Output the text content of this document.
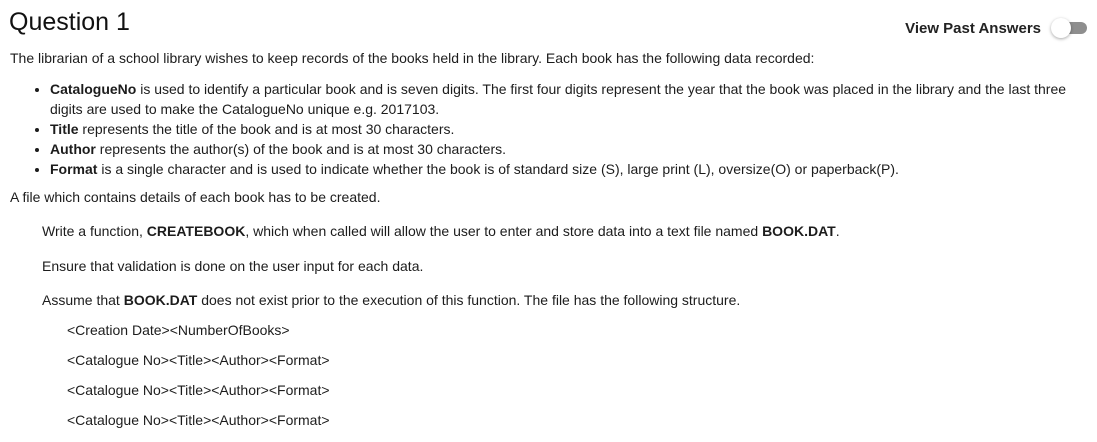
Question 1	View Past Answers

The librarian of a school library wishes to keep records of the books held in the library. Each book has the following data recorded:

• CatalogueNo is used to identify a particular book and is seven digits. The first four digits represent the year that the book was placed in the library and the last three digits are used to make the CatalogueNo unique e.g. 2017103.
• Title represents the title of the book and is at most 30 characters.
• Author represents the author(s) of the book and is at most 30 characters.
• Format is a single character and is used to indicate whether the book is of standard size (S), large print (L), oversize(O) or paperback(P).

A file which contains details of each book has to be created.

Write a function, CREATEBOOK, which when called will allow the user to enter and store data into a text file named BOOK.DAT.

Ensure that validation is done on the user input for each data.

Assume that BOOK.DAT does not exist prior to the execution of this function. The file has the following structure.

<Creation Date><NumberOfBooks>

<Catalogue No><Title><Author><Format>

<Catalogue No><Title><Author><Format>

<Catalogue No><Title><Author><Format>
